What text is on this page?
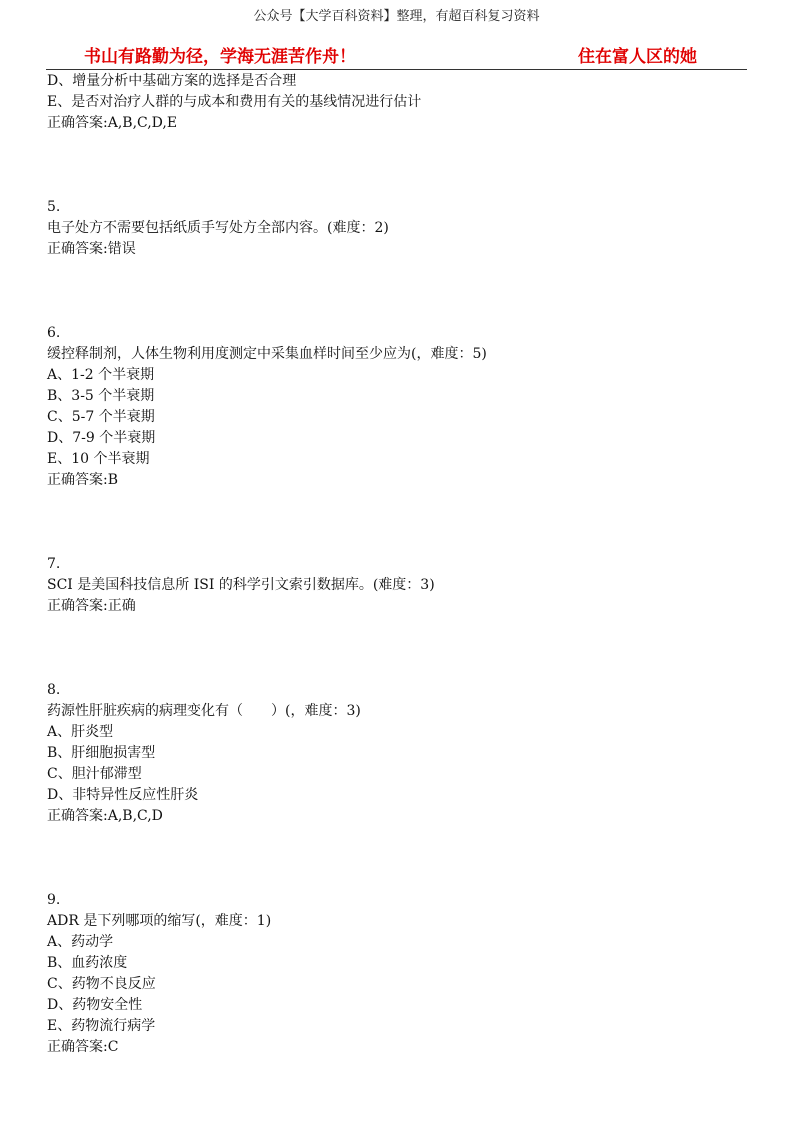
公众号【大学百科资料】整理，有超百科复习资料
书山有路勤为径，学海无涯苦作舟！	住在富人区的她
D、增量分析中基础方案的选择是否合理
E、是否对治疗人群的与成本和费用有关的基线情况进行估计
正确答案:A,B,C,D,E
5.
电子处方不需要包括纸质手写处方全部内容。(难度：2)
正确答案:错误
6.
缓控释制剂，人体生物利用度测定中采集血样时间至少应为(，难度：5)
A、1-2 个半衰期
B、3-5 个半衰期
C、5-7 个半衰期
D、7-9 个半衰期
E、10 个半衰期
正确答案:B
7.
SCI 是美国科技信息所 ISI 的科学引文索引数据库。(难度：3)
正确答案:正确
8.
药源性肝脏疾病的病理变化有（　　）(，难度：3)
A、肝炎型
B、肝细胞损害型
C、胆汁郁滞型
D、非特异性反应性肝炎
正确答案:A,B,C,D
9.
ADR 是下列哪项的缩写(，难度：1)
A、药动学
B、血药浓度
C、药物不良反应
D、药物安全性
E、药物流行病学
正确答案:C
